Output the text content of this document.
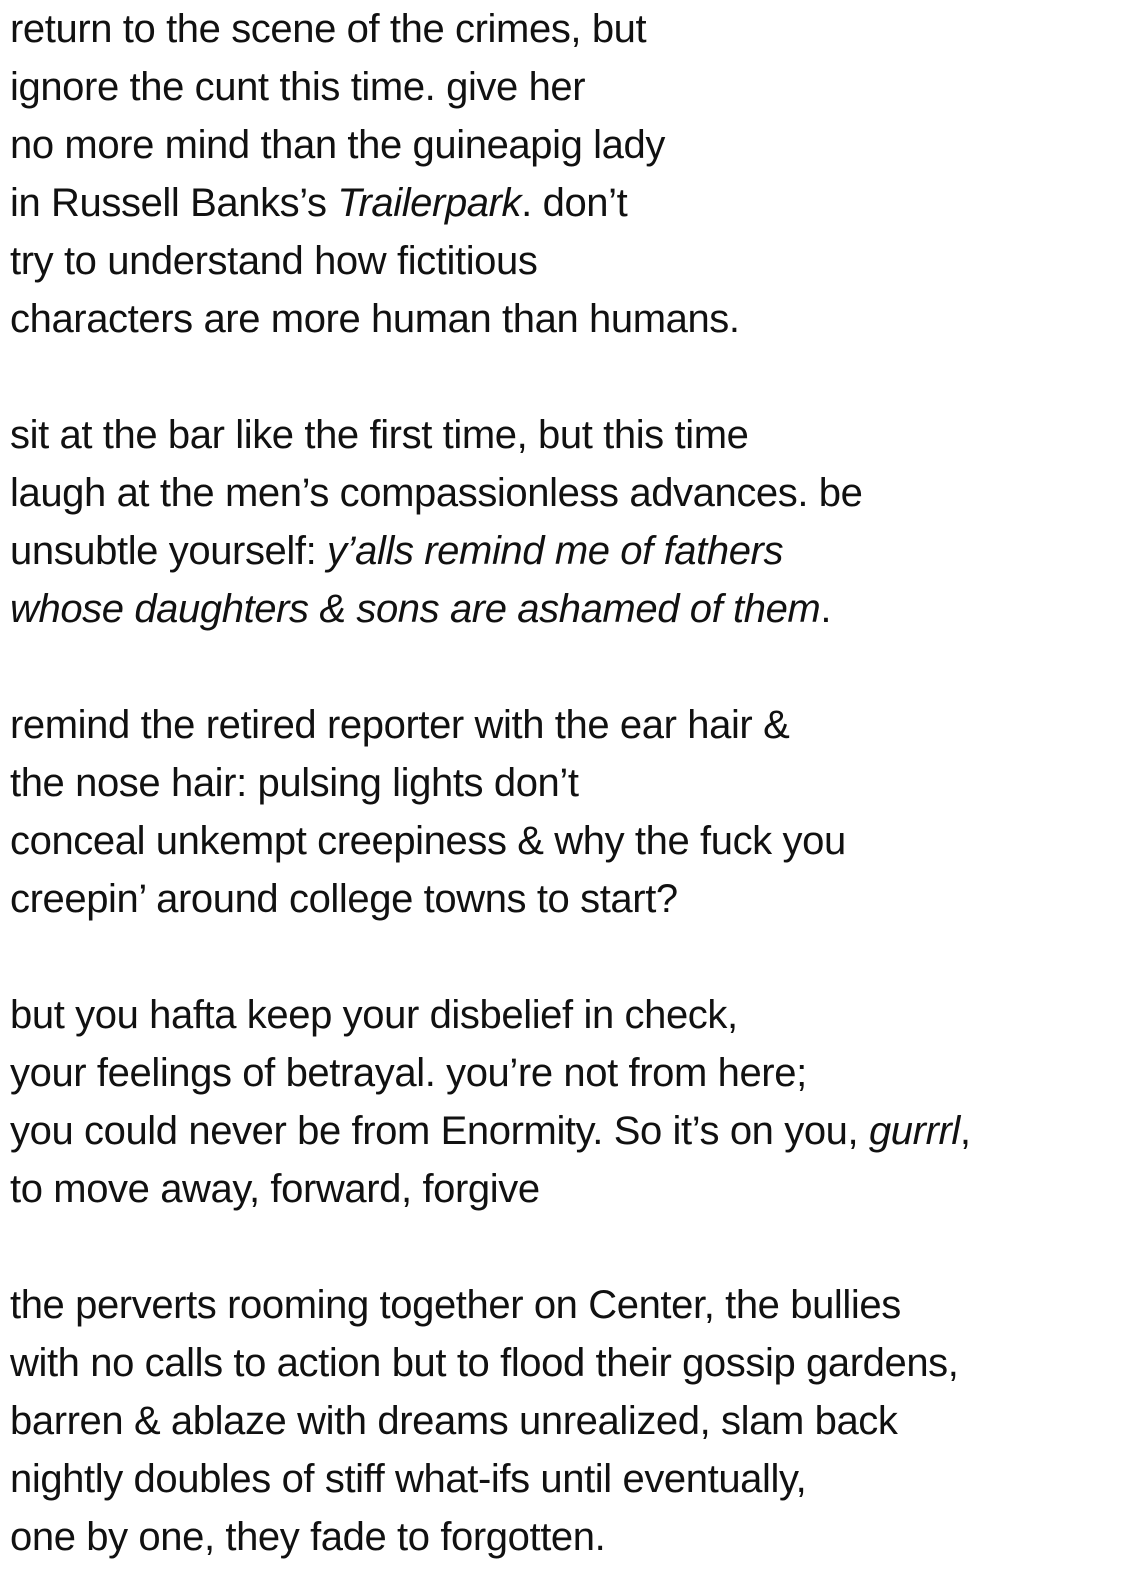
return to the scene of the crimes, but
ignore the cunt this time. give her
no more mind than the guineapig lady
in Russell Banks’s Trailerpark. don’t
try to understand how fictitious
characters are more human than humans.
sit at the bar like the first time, but this time
laugh at the men’s compassionless advances. be
unsubtle yourself: y’alls remind me of fathers
whose daughters & sons are ashamed of them.
remind the retired reporter with the ear hair &
the nose hair: pulsing lights don’t
conceal unkempt creepiness & why the fuck you
creepin’ around college towns to start?
but you hafta keep your disbelief in check,
your feelings of betrayal. you’re not from here;
you could never be from Enormity. So it’s on you, gurrrl,
to move away, forward, forgive
the perverts rooming together on Center, the bullies
with no calls to action but to flood their gossip gardens,
barren & ablaze with dreams unrealized, slam back
nightly doubles of stiff what-ifs until eventually,
one by one, they fade to forgotten.
